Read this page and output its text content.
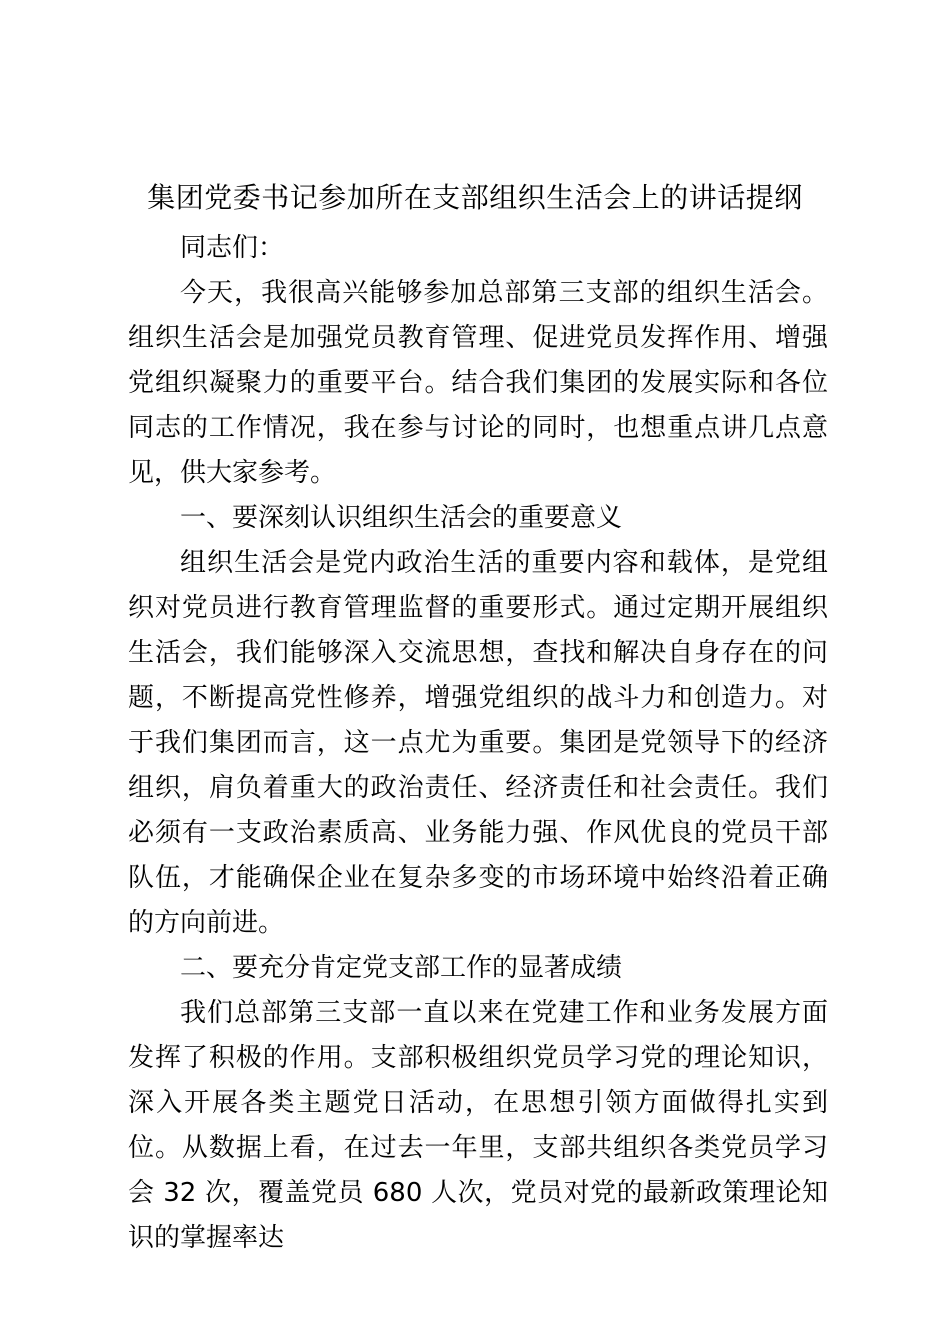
集团党委书记参加所在支部组织生活会上的讲话提纲

同志们：

今天，我很高兴能够参加总部第三支部的组织生活会。组织生活会是加强党员教育管理、促进党员发挥作用、增强党组织凝聚力的重要平台。结合我们集团的发展实际和各位同志的工作情况，我在参与讨论的同时，也想重点讲几点意见，供大家参考。

一、要深刻认识组织生活会的重要意义

组织生活会是党内政治生活的重要内容和载体，是党组织对党员进行教育管理监督的重要形式。通过定期开展组织生活会，我们能够深入交流思想，查找和解决自身存在的问题，不断提高党性修养，增强党组织的战斗力和创造力。对于我们集团而言，这一点尤为重要。集团是党领导下的经济组织，肩负着重大的政治责任、经济责任和社会责任。我们必须有一支政治素质高、业务能力强、作风优良的党员干部队伍，才能确保企业在复杂多变的市场环境中始终沿着正确的方向前进。

二、要充分肯定党支部工作的显著成绩

我们总部第三支部一直以来在党建工作和业务发展方面发挥了积极的作用。支部积极组织党员学习党的理论知识，深入开展各类主题党日活动，在思想引领方面做得扎实到位。从数据上看，在过去一年里，支部共组织各类党员学习会 32 次，覆盖党员 680 人次，党员对党的最新政策理论知识的掌握率达
